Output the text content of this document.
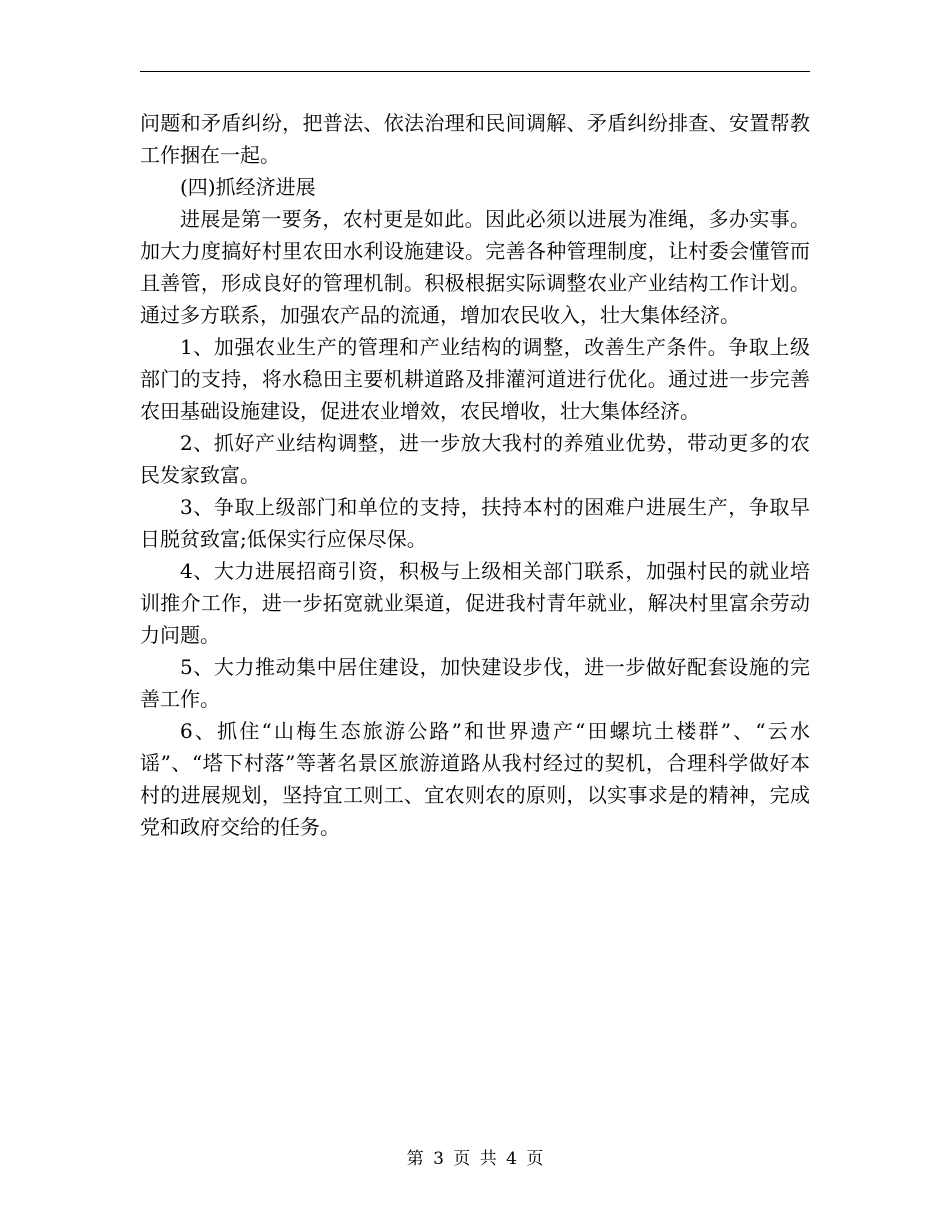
问题和矛盾纠纷，把普法、依法治理和民间调解、矛盾纠纷排查、安置帮教工作捆在一起。

(四)抓经济进展

进展是第一要务，农村更是如此。因此必须以进展为准绳，多办实事。加大力度搞好村里农田水利设施建设。完善各种管理制度，让村委会懂管而且善管，形成良好的管理机制。积极根据实际调整农业产业结构工作计划。通过多方联系，加强农产品的流通，增加农民收入，壮大集体经济。

1、加强农业生产的管理和产业结构的调整，改善生产条件。争取上级部门的支持，将水稳田主要机耕道路及排灌河道进行优化。通过进一步完善农田基础设施建设，促进农业增效，农民增收，壮大集体经济。

2、抓好产业结构调整，进一步放大我村的养殖业优势，带动更多的农民发家致富。

3、争取上级部门和单位的支持，扶持本村的困难户进展生产，争取早日脱贫致富;低保实行应保尽保。

4、大力进展招商引资，积极与上级相关部门联系，加强村民的就业培训推介工作，进一步拓宽就业渠道，促进我村青年就业，解决村里富余劳动力问题。

5、大力推动集中居住建设，加快建设步伐，进一步做好配套设施的完善工作。

6、抓住“山梅生态旅游公路”和世界遗产“田螺坑土楼群”、“云水谣”、“塔下村落”等著名景区旅游道路从我村经过的契机，合理科学做好本村的进展规划，坚持宜工则工、宜农则农的原则，以实事求是的精神，完成党和政府交给的任务。

第 3 页 共 4 页
